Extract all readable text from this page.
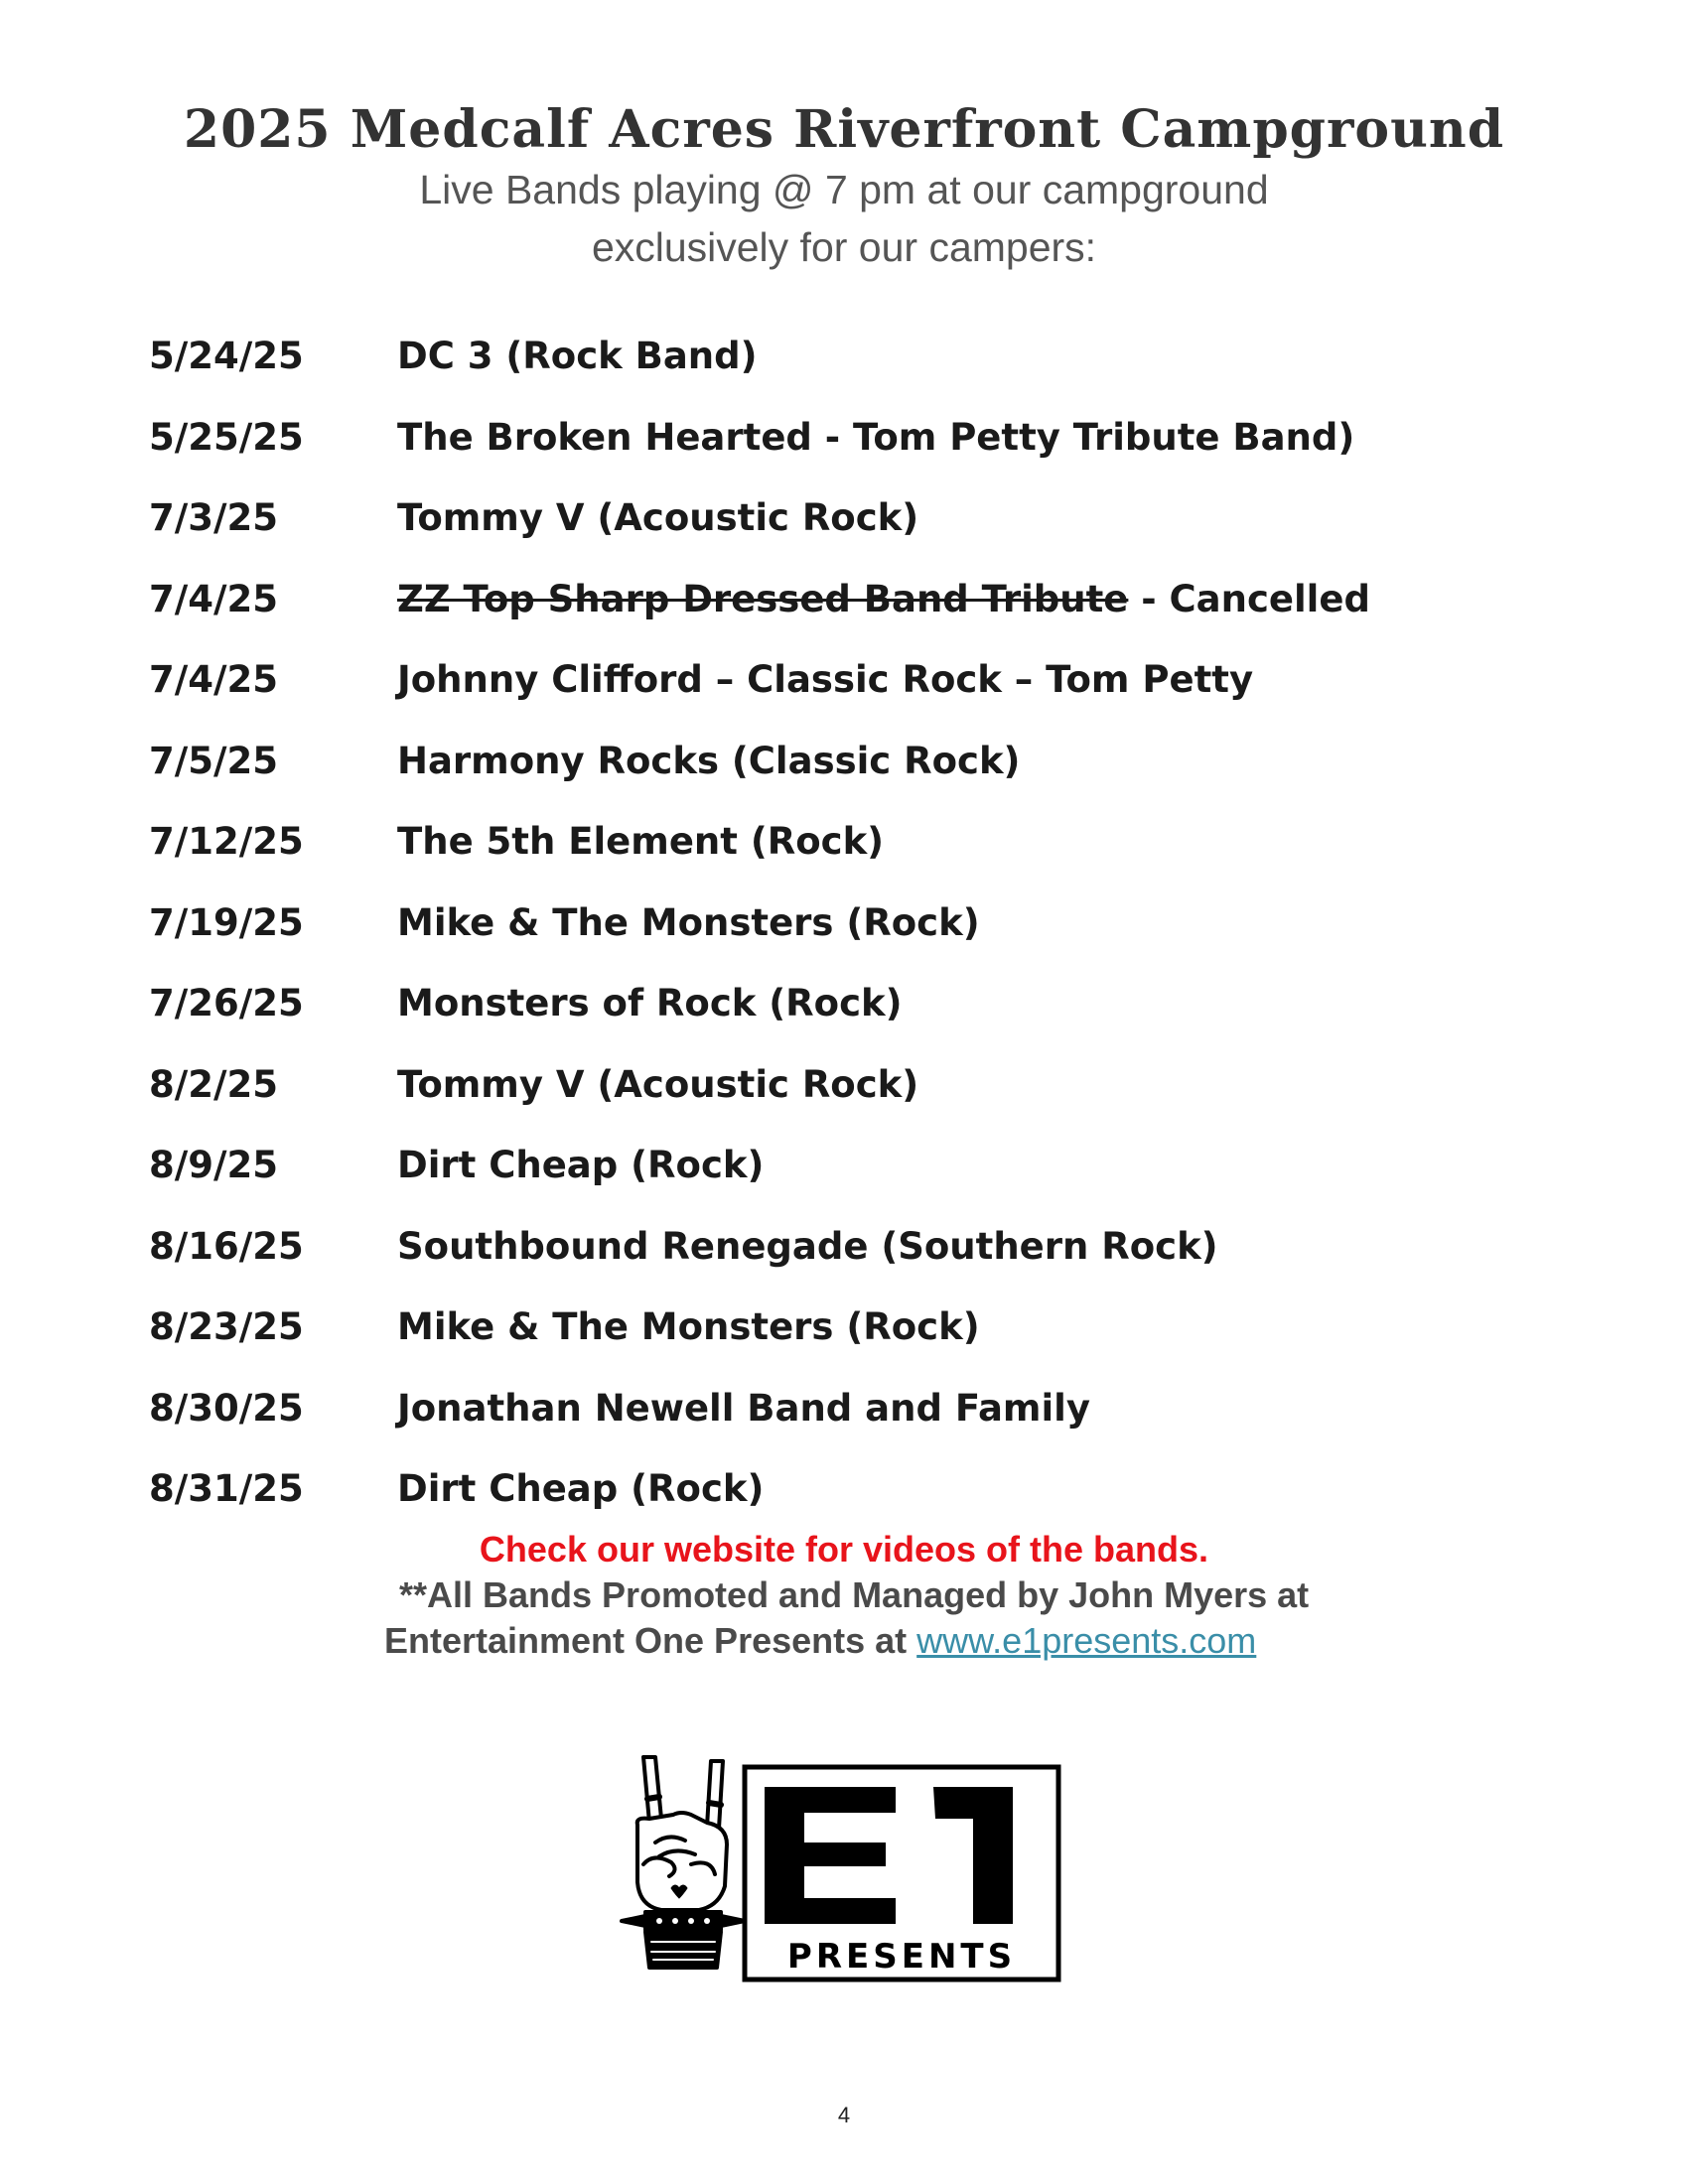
2025 Medcalf Acres Riverfront Campground
Live Bands playing @ 7 pm at our campground
exclusively for our campers:
5/24/25	DC 3 (Rock Band)
5/25/25	The Broken Hearted - Tom Petty Tribute Band)
7/3/25	Tommy V (Acoustic Rock)
7/4/25	ZZ Top Sharp Dressed Band Tribute - Cancelled
7/4/25	Johnny Clifford – Classic Rock – Tom Petty
7/5/25	Harmony Rocks (Classic Rock)
7/12/25	The 5th Element (Rock)
7/19/25	Mike & The Monsters (Rock)
7/26/25	Monsters of Rock (Rock)
8/2/25	Tommy V (Acoustic Rock)
8/9/25	Dirt Cheap (Rock)
8/16/25	Southbound Renegade (Southern Rock)
8/23/25	Mike & The Monsters (Rock)
8/30/25	Jonathan Newell Band and Family
8/31/25	Dirt Cheap (Rock)
Check our website for videos of the bands.
**All Bands Promoted and Managed by John Myers at
Entertainment One Presents at www.e1presents.com
PRESENTS
4
